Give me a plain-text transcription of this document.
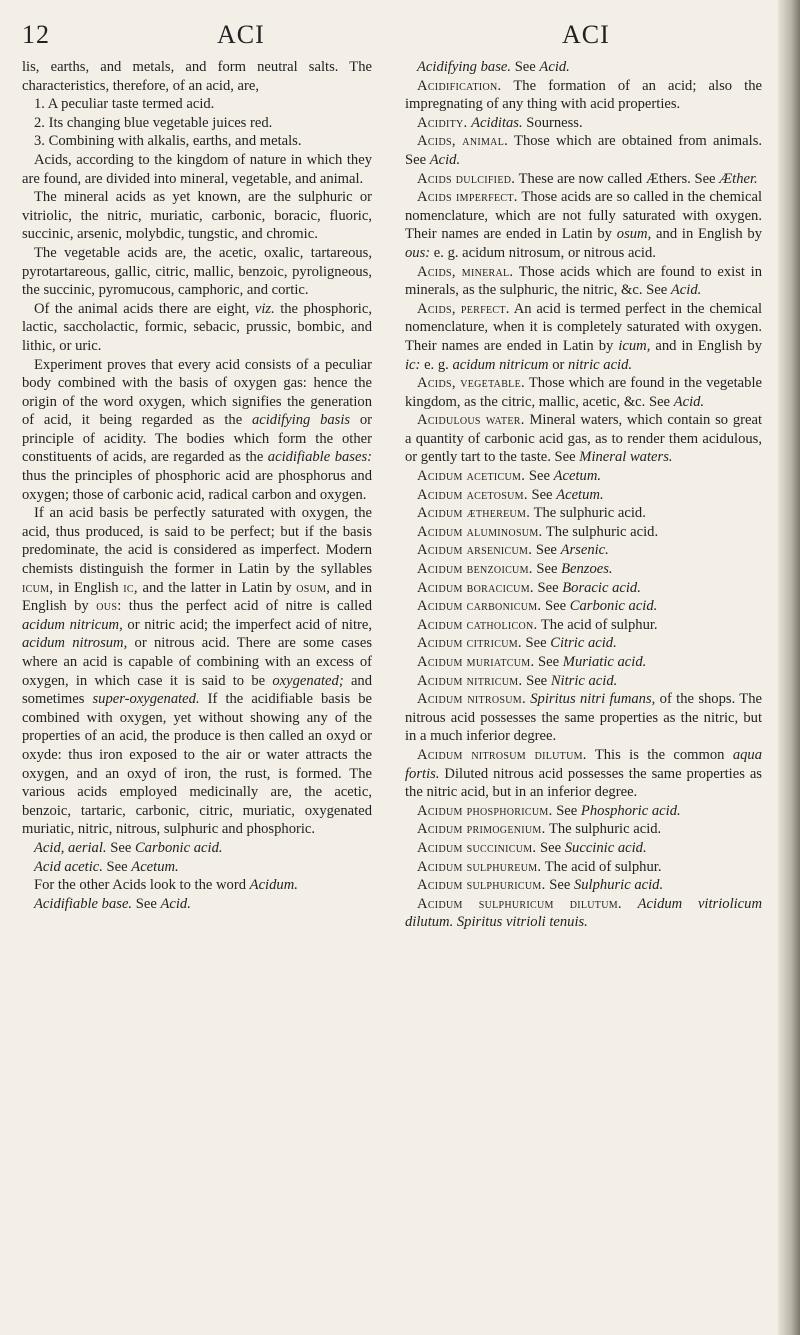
12	ACI	ACI

lis, earths, and metals, and form neutral salts. The characteristics, therefore, of an acid, are,

1. A peculiar taste termed acid.

2. Its changing blue vegetable juices red.

3. Combining with alkalis, earths, and metals.

Acids, according to the kingdom of nature in which they are found, are divided into mineral, vegetable, and animal.

The mineral acids as yet known, are the sulphuric or vitriolic, the nitric, muriatic, carbonic, boracic, fluoric, succinic, arsenic, molybdic, tungstic, and chromic.

The vegetable acids are, the acetic, oxalic, tartareous, pyrotartareous, gallic, citric, mallic, benzoic, pyroligneous, the succinic, pyromucous, camphoric, and cortic.

Of the animal acids there are eight, viz. the phosphoric, lactic, saccholactic, formic, sebacic, prussic, bombic, and lithic, or uric.

Experiment proves that every acid consists of a peculiar body combined with the basis of oxygen gas: hence the origin of the word oxygen, which signifies the generation of acid, it being regarded as the acidifying basis or principle of acidity. The bodies which form the other constituents of acids, are regarded as the acidifiable bases: thus the principles of phosphoric acid are phosphorus and oxygen; those of carbonic acid, radical carbon and oxygen.

If an acid basis be perfectly saturated with oxygen, the acid, thus produced, is said to be perfect; but if the basis predominate, the acid is considered as imperfect. Modern chemists distinguish the former in Latin by the syllables icum, in English ic, and the latter in Latin by osum, and in English by ous: thus the perfect acid of nitre is called acidum nitricum, or nitric acid; the imperfect acid of nitre, acidum nitrosum, or nitrous acid. There are some cases where an acid is capable of combining with an excess of oxygen, in which case it is said to be oxygenated; and sometimes super-oxygenated. If the acidifiable basis be combined with oxygen, yet without showing any of the properties of an acid, the produce is then called an oxyd or oxyde: thus iron exposed to the air or water attracts the oxygen, and an oxyd of iron, the rust, is formed. The various acids employed medicinally are, the acetic, benzoic, tartaric, carbonic, citric, muriatic, oxygenated muriatic, nitric, nitrous, sulphuric and phosphoric.

Acid, aerial. See Carbonic acid.

Acid acetic. See Acetum.

For the other Acids look to the word Acidum.

Acidifiable base. See Acid.

Acidifying base. See Acid.

Acidification. The formation of an acid; also the impregnating of any thing with acid properties.

Acidity. Aciditas. Sourness.

Acids, animal. Those which are obtained from animals. See Acid.

Acids dulcified. These are now called Æthers. See Æther.

Acids imperfect. Those acids are so called in the chemical nomenclature, which are not fully saturated with oxygen. Their names are ended in Latin by osum, and in English by ous: e. g. acidum nitrosum, or nitrous acid.

Acids, mineral. Those acids which are found to exist in minerals, as the sulphuric, the nitric, &c. See Acid.

Acids, perfect. An acid is termed perfect in the chemical nomenclature, when it is completely saturated with oxygen. Their names are ended in Latin by icum, and in English by ic: e. g. acidum nitricum or nitric acid.

Acids, vegetable. Those which are found in the vegetable kingdom, as the citric, mallic, acetic, &c. See Acid.

Acidulous water. Mineral waters, which contain so great a quantity of carbonic acid gas, as to render them acidulous, or gently tart to the taste. See Mineral waters.

Acidum aceticum. See Acetum.

Acidum acetosum. See Acetum.

Acidum æthereum. The sulphuric acid.

Acidum aluminosum. The sulphuric acid.

Acidum arsenicum. See Arsenic.

Acidum benzoicum. See Benzoes.

Acidum boracicum. See Boracic acid.

Acidum carbonicum. See Carbonic acid.

Acidum catholicon. The acid of sulphur.

Acidum citricum. See Citric acid.

Acidum muriatcum. See Muriatic acid.

Acidum nitricum. See Nitric acid.

Acidum nitrosum. Spiritus nitri fumans, of the shops. The nitrous acid possesses the same properties as the nitric, but in a much inferior degree.

Acidum nitrosum dilutum. This is the common aqua fortis. Diluted nitrous acid possesses the same properties as the nitric acid, but in an inferior degree.

Acidum phosphoricum. See Phosphoric acid.

Acidum primogenium. The sulphuric acid.

Acidum succinicum. See Succinic acid.

Acidum sulphureum. The acid of sulphur.

Acidum sulphuricum. See Sulphuric acid.

Acidum sulphuricum dilutum. Acidum vitriolicum dilutum. Spiritus vitrioli tenuis.
